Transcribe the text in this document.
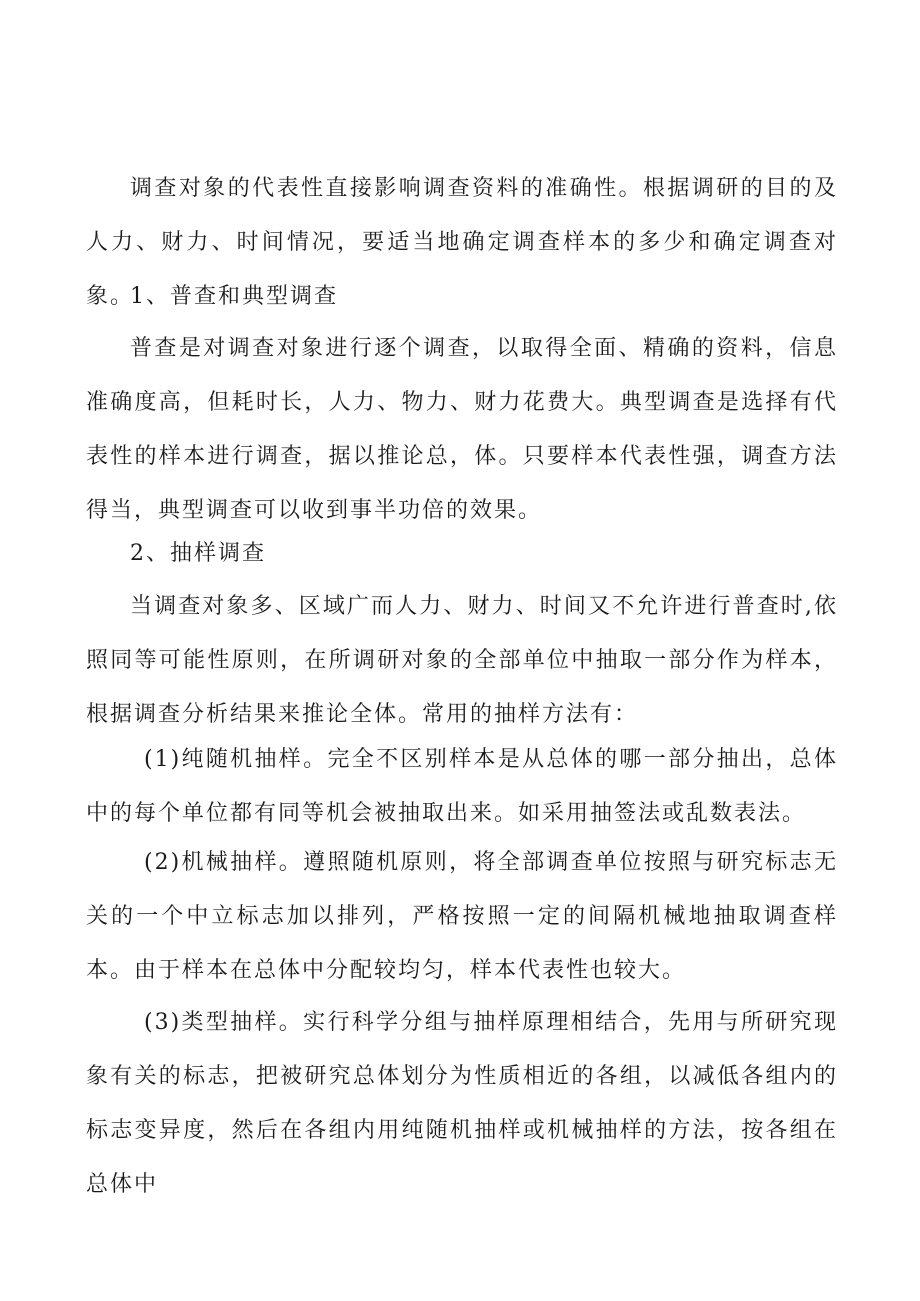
调查对象的代表性直接影响调查资料的准确性。根据调研的目的及人力、财力、时间情况，要适当地确定调查样本的多少和确定调查对象。

1、普查和典型调查

普查是对调查对象进行逐个调查，以取得全面、精确的资料，信息准确度高，但耗时长，人力、物力、财力花费大。典型调查是选择有代表性的样本进行调查，据以推论总，体。只要样本代表性强，调查方法得当，典型调查可以收到事半功倍的效果。

2、抽样调查

当调查对象多、区域广而人力、财力、时间又不允许进行普查时,依照同等可能性原则，在所调研对象的全部单位中抽取一部分作为样本，根据调查分析结果来推论全体。常用的抽样方法有：

(1)纯随机抽样。完全不区别样本是从总体的哪一部分抽出，总体中的每个单位都有同等机会被抽取出来。如采用抽签法或乱数表法。

(2)机械抽样。遵照随机原则，将全部调查单位按照与研究标志无关的一个中立标志加以排列，严格按照一定的间隔机械地抽取调查样本。由于样本在总体中分配较均匀，样本代表性也较大。

(3)类型抽样。实行科学分组与抽样原理相结合，先用与所研究现象有关的标志，把被研究总体划分为性质相近的各组，以减低各组内的标志变异度，然后在各组内用纯随机抽样或机械抽样的方法，按各组在总体中
